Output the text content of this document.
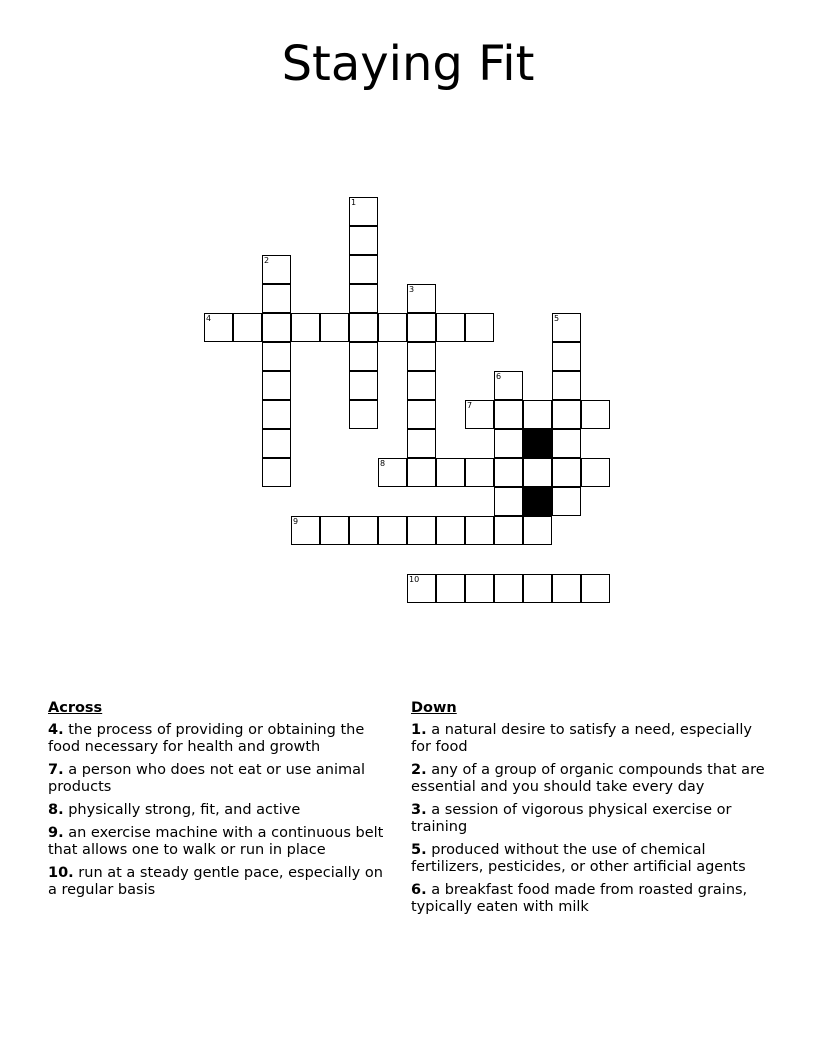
Staying Fit
1
2
3
4	5
6
7
8
9
10
Across
4. the process of providing or obtaining the food necessary for health and growth
7. a person who does not eat or use animal products
8. physically strong, fit, and active
9. an exercise machine with a continuous belt that allows one to walk or run in place
10. run at a steady gentle pace, especially on a regular basis
Down
1. a natural desire to satisfy a need, especially for food
2. any of a group of organic compounds that are essential and you should take every day
3. a session of vigorous physical exercise or training
5. produced without the use of chemical fertilizers, pesticides, or other artificial agents
6. a breakfast food made from roasted grains, typically eaten with milk
